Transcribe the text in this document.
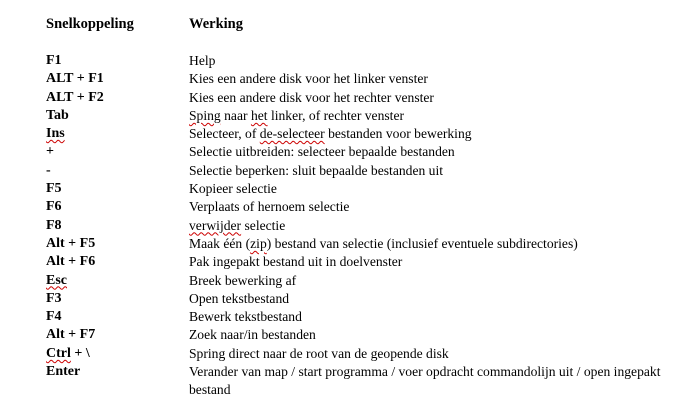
Snelkoppeling	Werking
F1	Help
ALT + F1	Kies een andere disk voor het linker venster
ALT + F2	Kies een andere disk voor het rechter venster
Tab	Sping naar het linker, of rechter venster
Ins	Selecteer, of de-selecteer bestanden voor bewerking
+	Selectie uitbreiden: selecteer bepaalde bestanden
-	Selectie beperken: sluit bepaalde bestanden uit
F5	Kopieer selectie
F6	Verplaats of hernoem selectie
F8	verwijder selectie
Alt + F5	Maak één (zip) bestand van selectie (inclusief eventuele subdirectories)
Alt + F6	Pak ingepakt bestand uit in doelvenster
Esc	Breek bewerking af
F3	Open tekstbestand
F4	Bewerk tekstbestand
Alt + F7	Zoek naar/in bestanden
Ctrl + \	Spring direct naar de root van de geopende disk
Enter	Verander van map / start programma / voer opdracht commandolijn uit / open ingepakt bestand
